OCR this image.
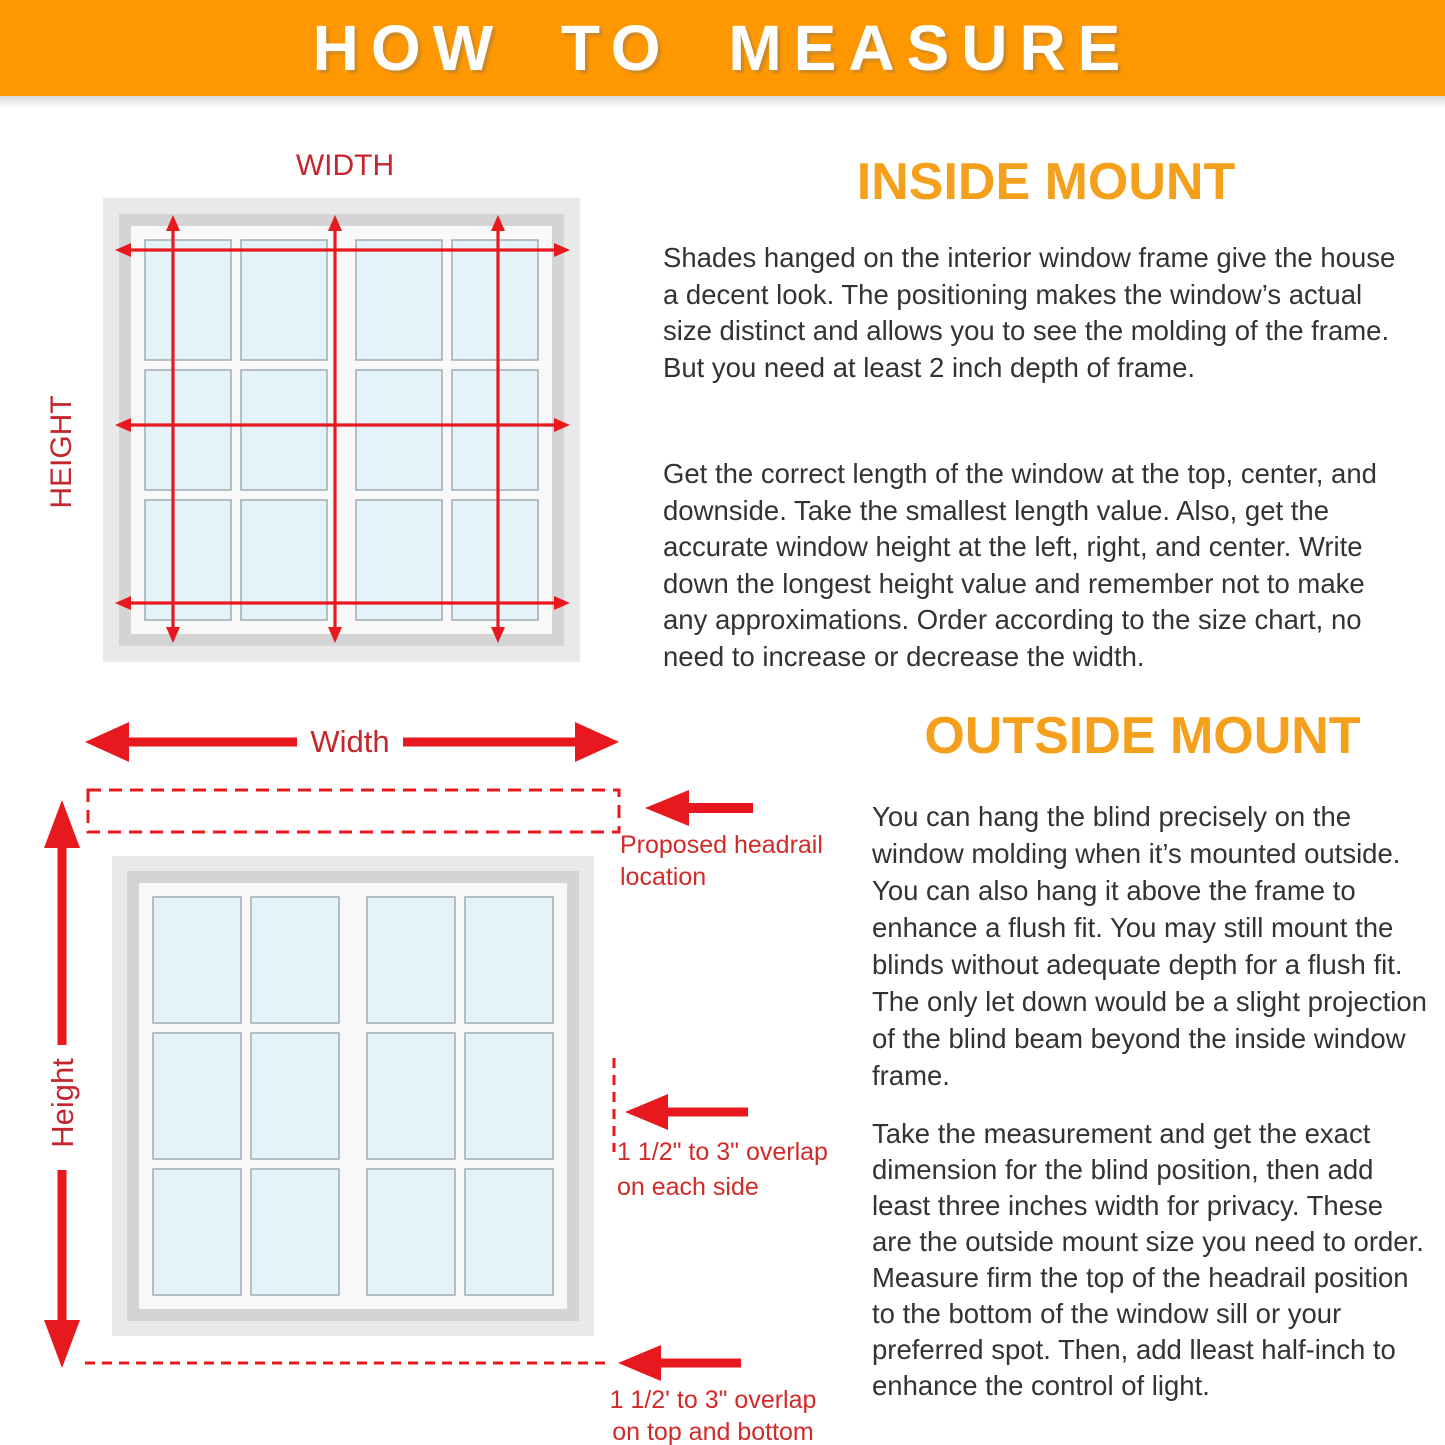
HOW TO MEASURE
WIDTH
HEIGHT
INSIDE MOUNT
Shades hanged on the interior window frame give the house a decent look. The positioning makes the window’s actual size distinct and allows you to see the molding of the frame. But you need at least 2 inch depth of frame.
Get the correct length of the window at the top, center, and downside. Take the smallest length value. Also, get the accurate window height at the left, right, and center. Write down the longest height value and remember not to make any approximations. Order according to the size chart, no need to increase or decrease the width.
OUTSIDE MOUNT
You can hang the blind precisely on the window molding when it’s mounted outside. You can also hang it above the frame to enhance a flush fit. You may still mount the blinds without adequate depth for a flush fit. The only let down would be a slight projection of the blind beam beyond the inside window frame.
Take the measurement and get the exact dimension for the blind position, then add least three inches width for privacy. These are the outside mount size you need to order. Measure firm the top of the headrail position to the bottom of the window sill or your preferred spot. Then, add lleast half-inch to enhance the control of light.
Width
Proposed headrail
location
Height
1 1/2" to 3" overlap
on each side
1 1/2' to 3" overlap
on top and bottom
